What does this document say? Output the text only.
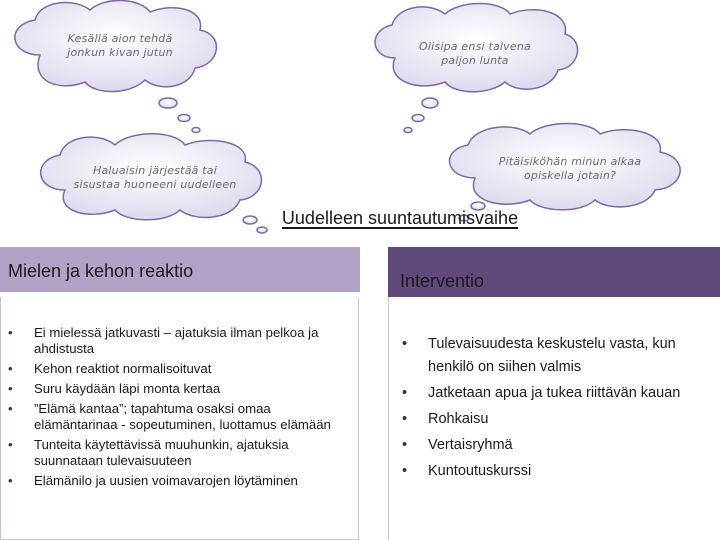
Kesällä aion tehdä jonkun kivan jutun	Olisipa ensi talvena paljon lunta
Haluaisin järjestää tai sisustaa huoneeni uudelleen
Pitäisiköhän minun alkaa opiskella jotain?
Uudelleen suuntautumisvaihe
Mielen ja kehon reaktio	Interventio
• Ei mielessä jatkuvasti – ajatuksia ilman pelkoa ja ahdistusta
• Kehon reaktiot normalisoituvat
• Suru käydään läpi monta kertaa
• ”Elämä kantaa”; tapahtuma osaksi omaa elämäntarinaa - sopeutuminen, luottamus elämään
• Tunteita käytettävissä muuhunkin, ajatuksia suunnataan tulevaisuuteen
• Elämänilo ja uusien voimavarojen löytäminen
• Tulevaisuudesta keskustelu vasta, kun henkilö on siihen valmis
• Jatketaan apua ja tukea riittävän kauan
• Rohkaisu
• Vertaisryhmä
• Kuntoutuskurssi
